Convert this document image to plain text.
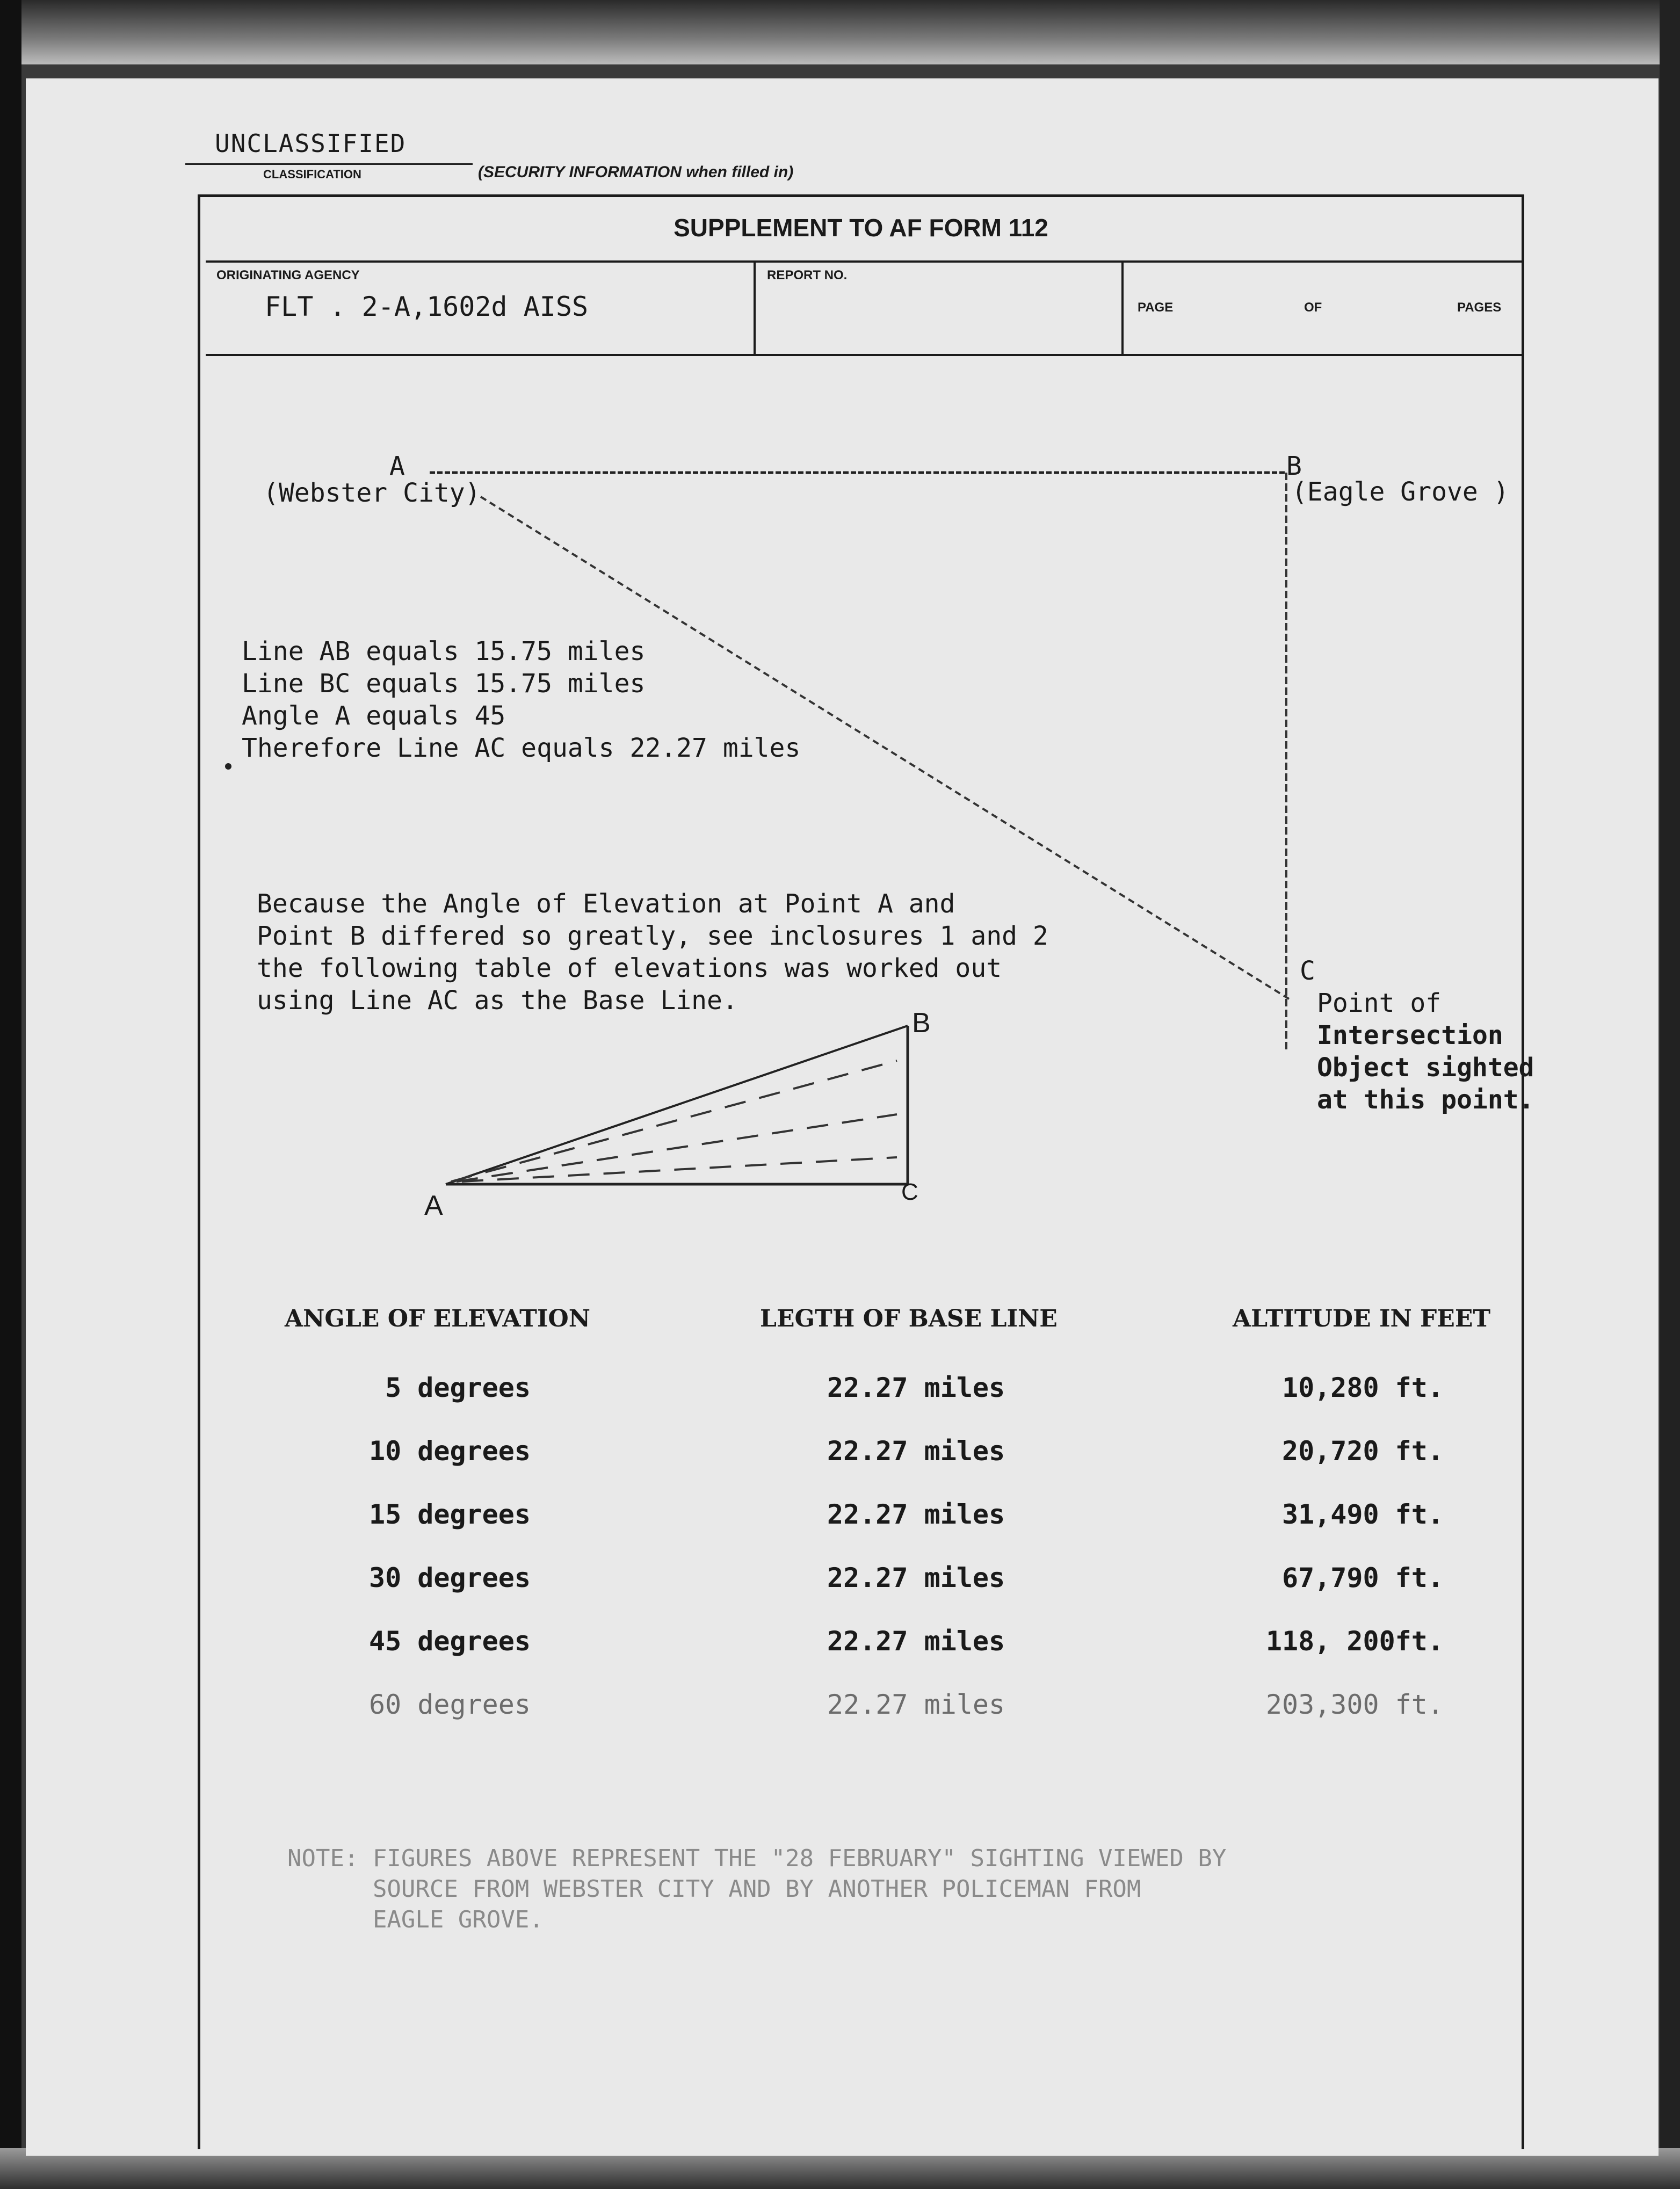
UNCLASSIFIED
CLASSIFICATION	(SECURITY INFORMATION when filled in)
SUPPLEMENT TO AF FORM 112
ORIGINATING AGENCY
FLT . 2-A,1602d AISS
REPORT NO.
PAGE	OF	PAGES
A
(Webster City)
B
(Eagle Grove )
C
Point of
Intersection
Object sighted
at this point.
Line AB equals 15.75 miles
Line BC equals 15.75 miles
Angle A equals 45
Therefore Line AC equals 22.27 miles
Because the Angle of Elevation at Point A and
Point B differed so greatly, see inclosures 1 and 2
the following table of elevations was worked out
using Line AC as the Base Line.
A
B
C
ANGLE OF ELEVATION	LEGTH OF BASE LINE	ALTITUDE IN FEET
5 degrees	22.27 miles	10,280 ft.
10 degrees	22.27 miles	20,720 ft.
15 degrees	22.27 miles	31,490 ft.
30 degrees	22.27 miles	67,790 ft.
45 degrees	22.27 miles	118, 200ft.
60 degrees	22.27 miles	203,300 ft.
NOTE: FIGURES ABOVE REPRESENT THE "28 FEBRUARY" SIGHTING VIEWED BY
SOURCE FROM WEBSTER CITY AND BY ANOTHER POLICEMAN FROM
EAGLE GROVE.
